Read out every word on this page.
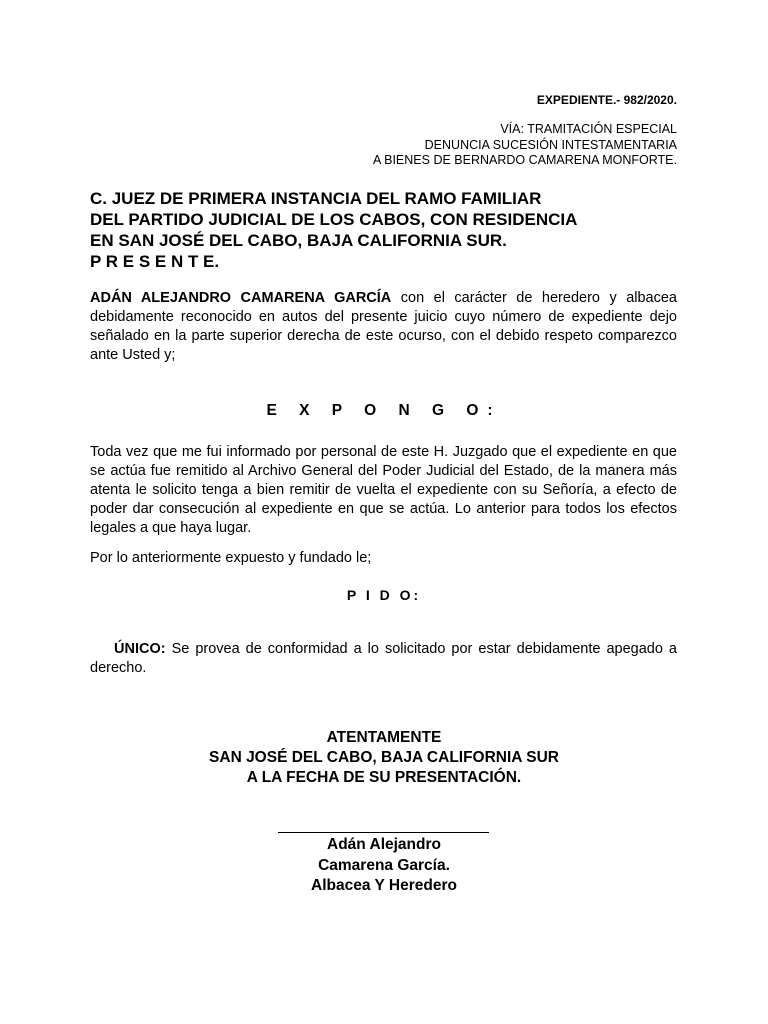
EXPEDIENTE.- 982/2020.
VÍA: TRAMITACIÓN ESPECIAL
DENUNCIA SUCESIÓN INTESTAMENTARIA
A BIENES DE BERNARDO CAMARENA MONFORTE.
C. JUEZ DE PRIMERA INSTANCIA DEL RAMO FAMILIAR
DEL PARTIDO JUDICIAL DE LOS CABOS, CON RESIDENCIA
EN SAN JOSÉ DEL CABO, BAJA CALIFORNIA SUR.
P R E S E N T E.

ADÁN ALEJANDRO CAMARENA GARCÍA con el carácter de heredero y albacea debidamente reconocido en autos del presente juicio cuyo número de expediente dejo señalado en la parte superior derecha de este ocurso, con el debido respeto comparezco ante Usted y;

E X P O N G O:

Toda vez que me fui informado por personal de este H. Juzgado que el expediente en que se actúa fue remitido al Archivo General del Poder Judicial del Estado, de la manera más atenta le solicito tenga a bien remitir de vuelta el expediente con su Señoría, a efecto de poder dar consecución al expediente en que se actúa. Lo anterior para todos los efectos legales a que haya lugar.

Por lo anteriormente expuesto y fundado le;

P I D O:

ÚNICO: Se provea de conformidad a lo solicitado por estar debidamente apegado a derecho.

ATENTAMENTE
SAN JOSÉ DEL CABO, BAJA CALIFORNIA SUR
A LA FECHA DE SU PRESENTACIÓN.
Adán Alejandro
Camarena García.
Albacea Y Heredero
